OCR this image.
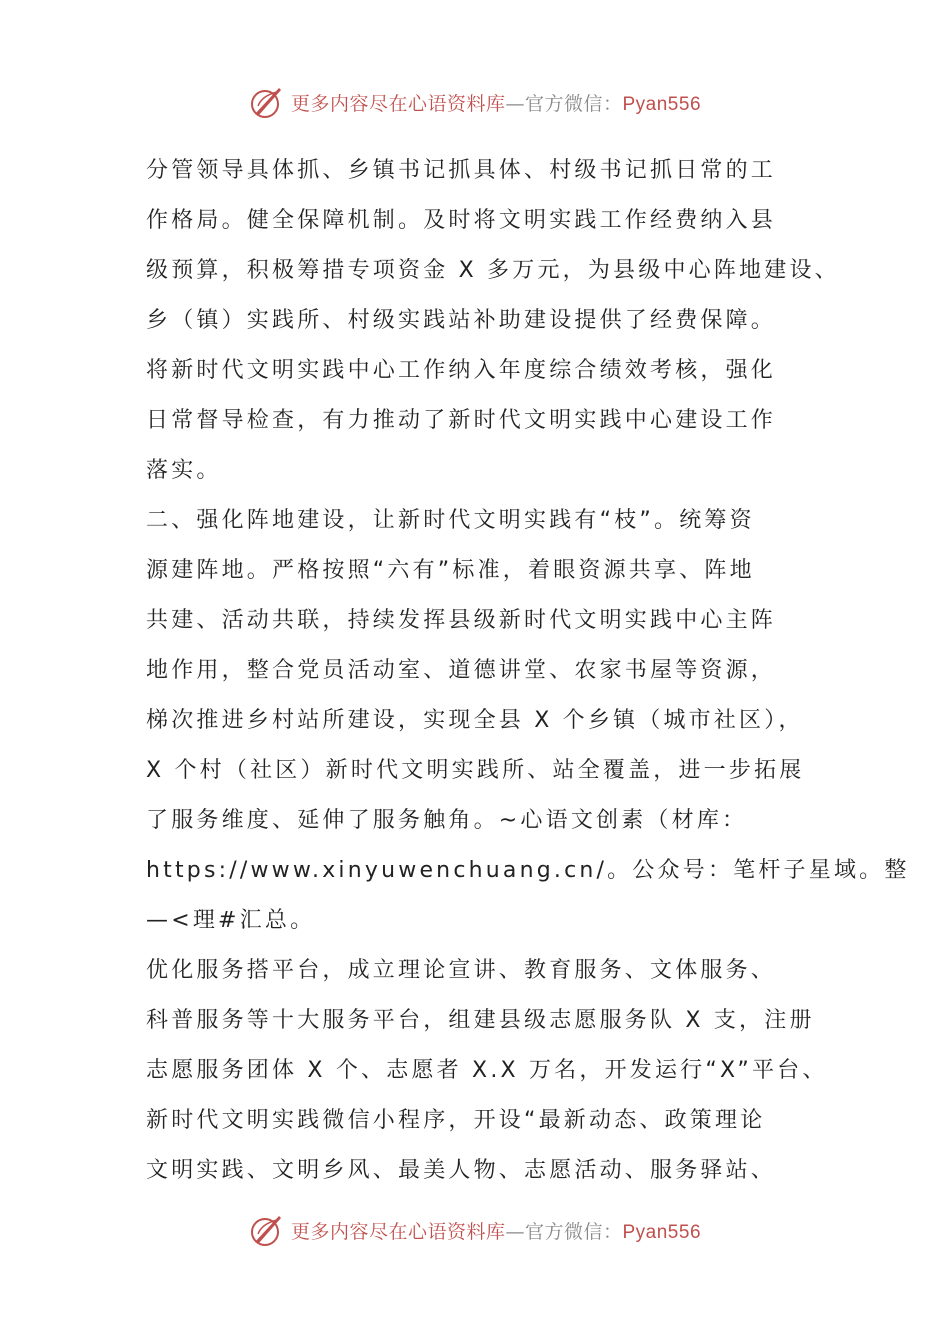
更多内容尽在心语资料库—官方微信：Pyan556

分管领导具体抓、乡镇书记抓具体、村级书记抓日常的工

作格局。健全保障机制。及时将文明实践工作经费纳入县

级预算，积极筹措专项资金 X 多万元，为县级中心阵地建设、

乡（镇）实践所、村级实践站补助建设提供了经费保障。

将新时代文明实践中心工作纳入年度综合绩效考核，强化

日常督导检查，有力推动了新时代文明实践中心建设工作

落实。

二、强化阵地建设，让新时代文明实践有“枝”。统筹资

源建阵地。严格按照“六有”标准，着眼资源共享、阵地

共建、活动共联，持续发挥县级新时代文明实践中心主阵

地作用，整合党员活动室、道德讲堂、农家书屋等资源，

梯次推进乡村站所建设，实现全县 X 个乡镇（城市社区），

X 个村（社区）新时代文明实践所、站全覆盖，进一步拓展

了服务维度、延伸了服务触角。~心语文创素（材库：

https://www.xinyuwenchuang.cn/。公众号：笔杆子星域。整

—<理#汇总。

优化服务搭平台，成立理论宣讲、教育服务、文体服务、

科普服务等十大服务平台，组建县级志愿服务队 X 支，注册

志愿服务团体 X 个、志愿者 X.X 万名，开发运行“X”平台、

新时代文明实践微信小程序，开设“最新动态、政策理论

文明实践、文明乡风、最美人物、志愿活动、服务驿站、

更多内容尽在心语资料库—官方微信：Pyan556
